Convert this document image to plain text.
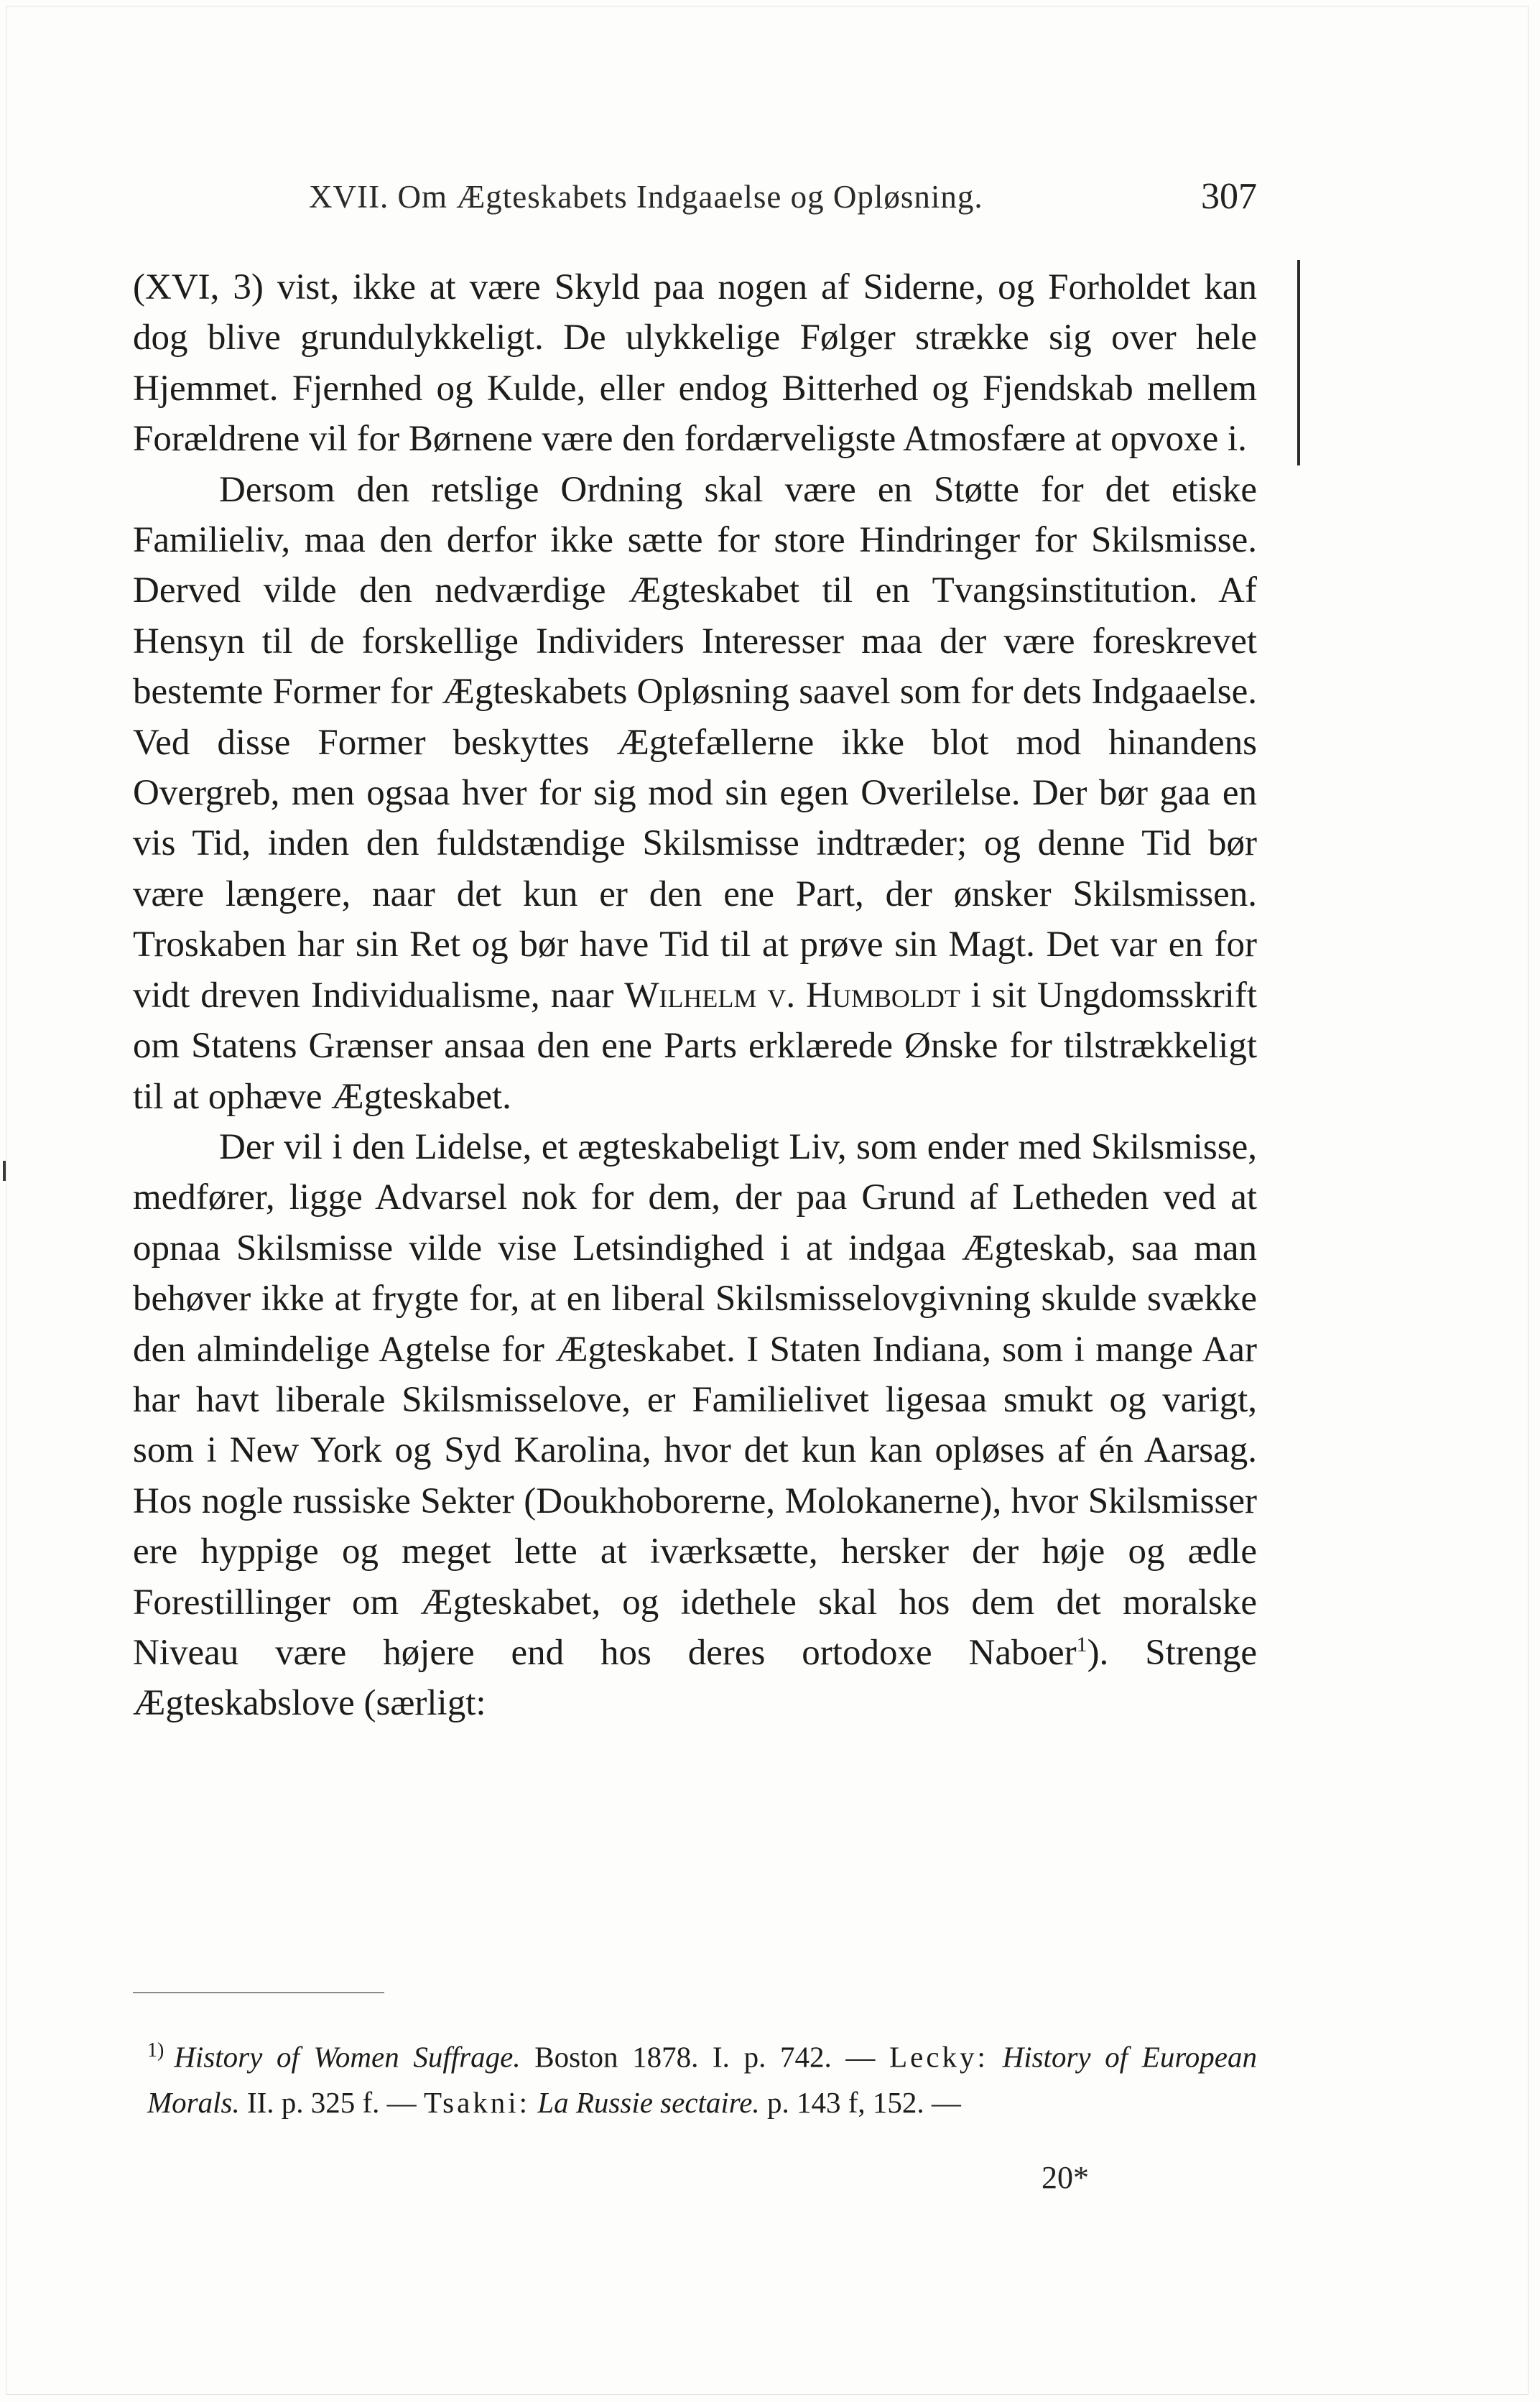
XVII. Om Ægteskabets Indgaaelse og Opløsning.	307

(XVI, 3) vist, ikke at være Skyld paa nogen af Siderne, og Forholdet kan dog blive grundulykkeligt. De ulykkelige Følger strække sig over hele Hjemmet. Fjernhed og Kulde, eller endog Bitterhed og Fjendskab mellem Forældrene vil for Børnene være den fordærveligste Atmosfære at opvoxe i.

Dersom den retslige Ordning skal være en Støtte for det etiske Familieliv, maa den derfor ikke sætte for store Hindringer for Skilsmisse. Derved vilde den nedværdige Ægteskabet til en Tvangsinstitution. Af Hensyn til de forskellige Individers Interesser maa der være foreskrevet bestemte Former for Ægteskabets Opløsning saavel som for dets Indgaaelse. Ved disse Former beskyttes Ægtefællerne ikke blot mod hinandens Overgreb, men ogsaa hver for sig mod sin egen Overilelse. Der bør gaa en vis Tid, inden den fuldstændige Skilsmisse indtræder; og denne Tid bør være længere, naar det kun er den ene Part, der ønsker Skilsmissen. Troskaben har sin Ret og bør have Tid til at prøve sin Magt. Det var en for vidt dreven Individualisme, naar Wilhelm v. Humboldt i sit Ungdomsskrift om Statens Grænser ansaa den ene Parts erklærede Ønske for tilstrækkeligt til at ophæve Ægteskabet.

Der vil i den Lidelse, et ægteskabeligt Liv, som ender med Skilsmisse, medfører, ligge Advarsel nok for dem, der paa Grund af Letheden ved at opnaa Skilsmisse vilde vise Letsindighed i at indgaa Ægteskab, saa man behøver ikke at frygte for, at en liberal Skilsmisselovgivning skulde svække den almindelige Agtelse for Ægteskabet. I Staten Indiana, som i mange Aar har havt liberale Skilsmisselove, er Familielivet ligesaa smukt og varigt, som i New York og Syd Karolina, hvor det kun kan opløses af én Aarsag. Hos nogle russiske Sekter (Doukhoborerne, Molokanerne), hvor Skilsmisser ere hyppige og meget lette at iværksætte, hersker der høje og ædle Forestillinger om Ægteskabet, og idethele skal hos dem det moralske Niveau være højere end hos deres ortodoxe Naboer$^1$). Strenge Ægteskabslove (særligt:

$^{1)}$ History of Women Suffrage. Boston 1878. I. p. 742. — Lecky: History of European Morals. II. p. 325 f. — Tsakni: La Russie sectaire. p. 143 f, 152. —
20*
